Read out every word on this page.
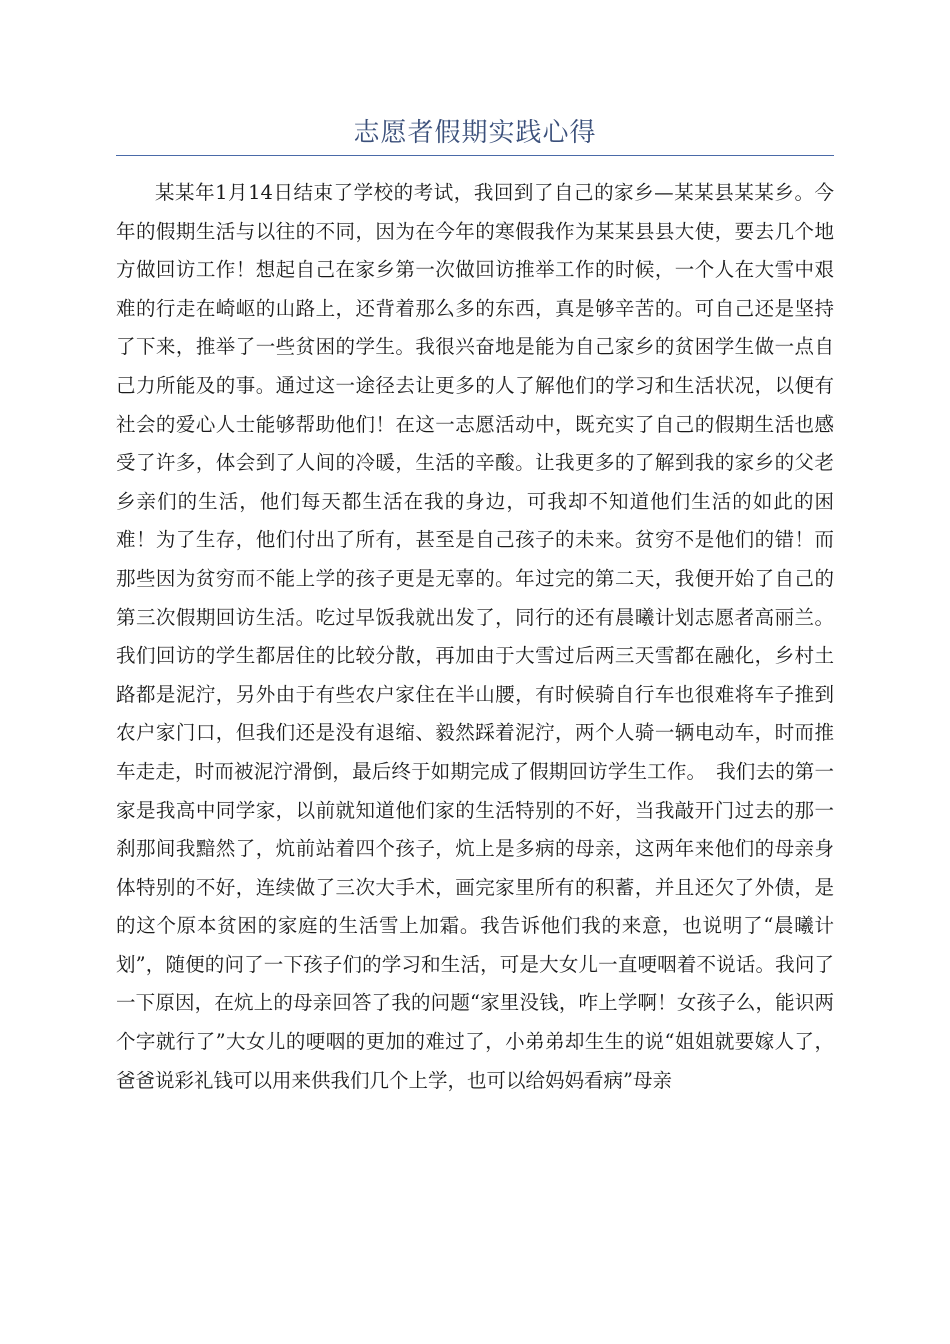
志愿者假期实践心得

某某年1月14日结束了学校的考试，我回到了自己的家乡—某某县某某乡。今年的假期生活与以往的不同，因为在今年的寒假我作为某某县县大使，要去几个地方做回访工作！想起自己在家乡第一次做回访推举工作的时候，一个人在大雪中艰难的行走在崎岖的山路上，还背着那么多的东西，真是够辛苦的。可自己还是坚持了下来，推举了一些贫困的学生。我很兴奋地是能为自己家乡的贫困学生做一点自己力所能及的事。通过这一途径去让更多的人了解他们的学习和生活状况，以便有社会的爱心人士能够帮助他们！在这一志愿活动中，既充实了自己的假期生活也感受了许多，体会到了人间的冷暖，生活的辛酸。让我更多的了解到我的家乡的父老乡亲们的生活，他们每天都生活在我的身边，可我却不知道他们生活的如此的困难！为了生存，他们付出了所有，甚至是自己孩子的未来。贫穷不是他们的错！而那些因为贫穷而不能上学的孩子更是无辜的。年过完的第二天，我便开始了自己的第三次假期回访生活。吃过早饭我就出发了，同行的还有晨曦计划志愿者高丽兰。我们回访的学生都居住的比较分散，再加由于大雪过后两三天雪都在融化，乡村土路都是泥泞，另外由于有些农户家住在半山腰，有时候骑自行车也很难将车子推到农户家门口，但我们还是没有退缩、毅然踩着泥泞，两个人骑一辆电动车，时而推车走走，时而被泥泞滑倒，最后终于如期完成了假期回访学生工作。　我们去的第一家是我高中同学家，以前就知道他们家的生活特别的不好，当我敲开门过去的那一刹那间我黯然了，炕前站着四个孩子，炕上是多病的母亲，这两年来他们的母亲身体特别的不好，连续做了三次大手术，画完家里所有的积蓄，并且还欠了外债，是的这个原本贫困的家庭的生活雪上加霜。我告诉他们我的来意，也说明了“晨曦计划”，随便的问了一下孩子们的学习和生活，可是大女儿一直哽咽着不说话。我问了一下原因，在炕上的母亲回答了我的问题“家里没钱，咋上学啊！女孩子么，能识两个字就行了”大女儿的哽咽的更加的难过了，小弟弟却生生的说“姐姐就要嫁人了，爸爸说彩礼钱可以用来供我们几个上学，也可以给妈妈看病”母亲
